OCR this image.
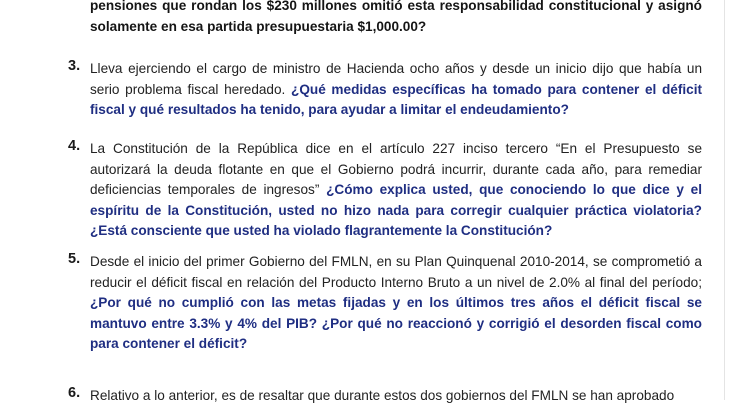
pensiones que rondan los $230 millones omitió esta responsabilidad constitucional y asignó solamente en esa partida presupuestaria $1,000.00?
3. Lleva ejerciendo el cargo de ministro de Hacienda ocho años y desde un inicio dijo que había un serio problema fiscal heredado. ¿Qué medidas específicas ha tomado para contener el déficit fiscal y qué resultados ha tenido, para ayudar a limitar el endeudamiento?
4. La Constitución de la República dice en el artículo 227 inciso tercero “En el Presupuesto se autorizará la deuda flotante en que el Gobierno podrá incurrir, durante cada año, para remediar deficiencias temporales de ingresos” ¿Cómo explica usted, que conociendo lo que dice y el espíritu de la Constitución, usted no hizo nada para corregir cualquier práctica violatoria? ¿Está consciente que usted ha violado flagrantemente la Constitución?
5. Desde el inicio del primer Gobierno del FMLN, en su Plan Quinquenal 2010-2014, se comprometió a reducir el déficit fiscal en relación del Producto Interno Bruto a un nivel de 2.0% al final del período; ¿Por qué no cumplió con las metas fijadas y en los últimos tres años el déficit fiscal se mantuvo entre 3.3% y 4% del PIB? ¿Por qué no reaccionó y corrigió el desorden fiscal como para contener el déficit?
6. Relativo a lo anterior, es de resaltar que durante estos dos gobiernos del FMLN se han aprobado
